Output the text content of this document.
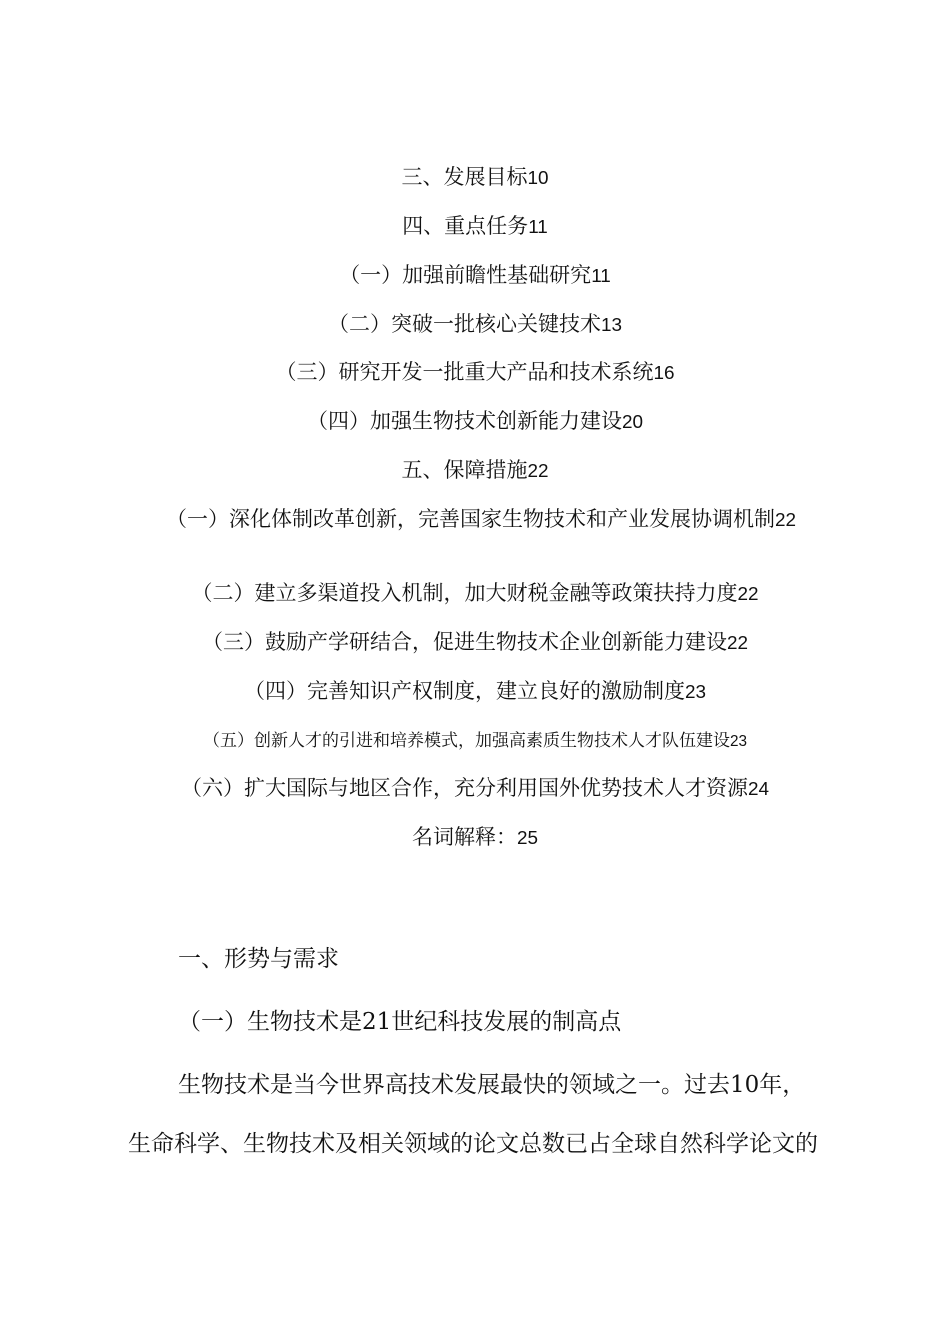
三、发展目标10
四、重点任务11
（一）加强前瞻性基础研究11
（二）突破一批核心关键技术13
（三）研究开发一批重大产品和技术系统16
（四）加强生物技术创新能力建设20
五、保障措施22
（一）深化体制改革创新，完善国家生物技术和产业发展协调机制22
（二）建立多渠道投入机制，加大财税金融等政策扶持力度22
（三）鼓励产学研结合，促进生物技术企业创新能力建设22
（四）完善知识产权制度，建立良好的激励制度23
（五）创新人才的引进和培养模式，加强高素质生物技术人才队伍建设23
（六）扩大国际与地区合作，充分利用国外优势技术人才资源24
名词解释：25
一、形势与需求
（一）生物技术是21世纪科技发展的制高点
生物技术是当今世界高技术发展最快的领域之一。过去10年，
生命科学、生物技术及相关领域的论文总数已占全球自然科学论文的
